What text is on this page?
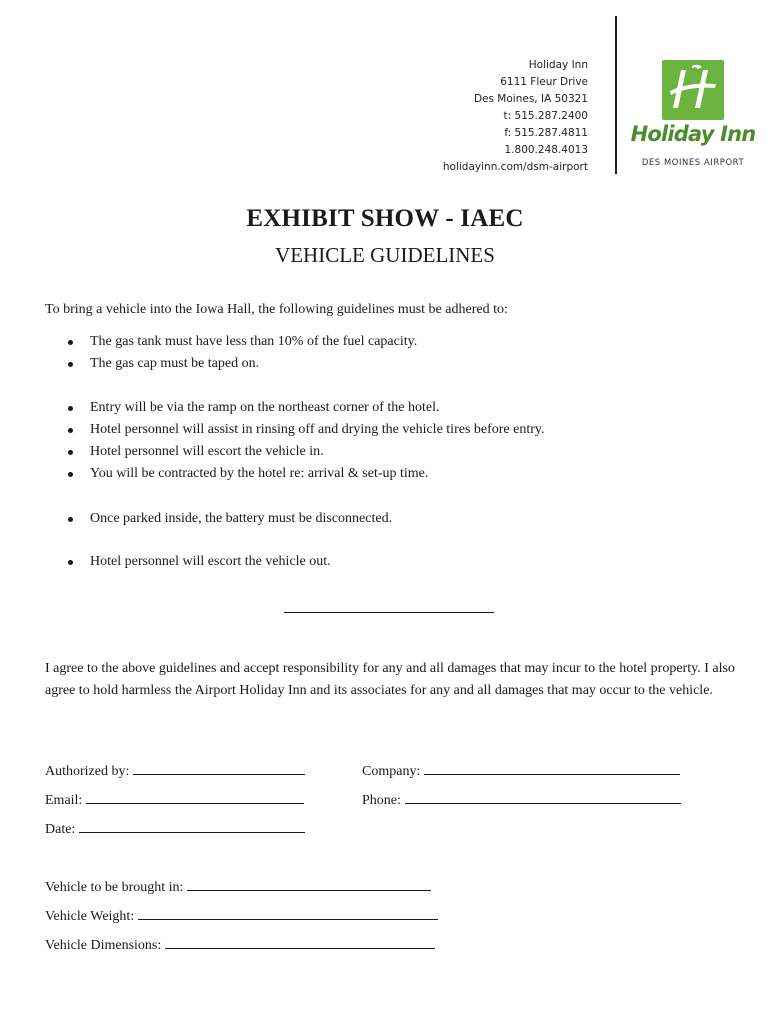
Holiday Inn
6111 Fleur Drive
Des Moines, IA 50321
t: 515.287.2400
f: 515.287.4811
1.800.248.4013
holidayinn.com/dsm-airport
Holiday Inn
DES MOINES AIRPORT
EXHIBIT SHOW - IAEC
VEHICLE GUIDELINES
To bring a vehicle into the Iowa Hall, the following guidelines must be adhered to:
The gas tank must have less than 10% of the fuel capacity.
The gas cap must be taped on.
Entry will be via the ramp on the northeast corner of the hotel.
Hotel personnel will assist in rinsing off and drying the vehicle tires before entry.
Hotel personnel will escort the vehicle in.
You will be contracted by the hotel re: arrival & set-up time.
Once parked inside, the battery must be disconnected.
Hotel personnel will escort the vehicle out.
I agree to the above guidelines and accept responsibility for any and all damages that may incur to the hotel property. I also agree to hold harmless the Airport Holiday Inn and its associates for any and all damages that may occur to the vehicle.
Authorized by:	Company:
Email:	Phone:
Date:
Vehicle to be brought in:
Vehicle Weight:
Vehicle Dimensions:
